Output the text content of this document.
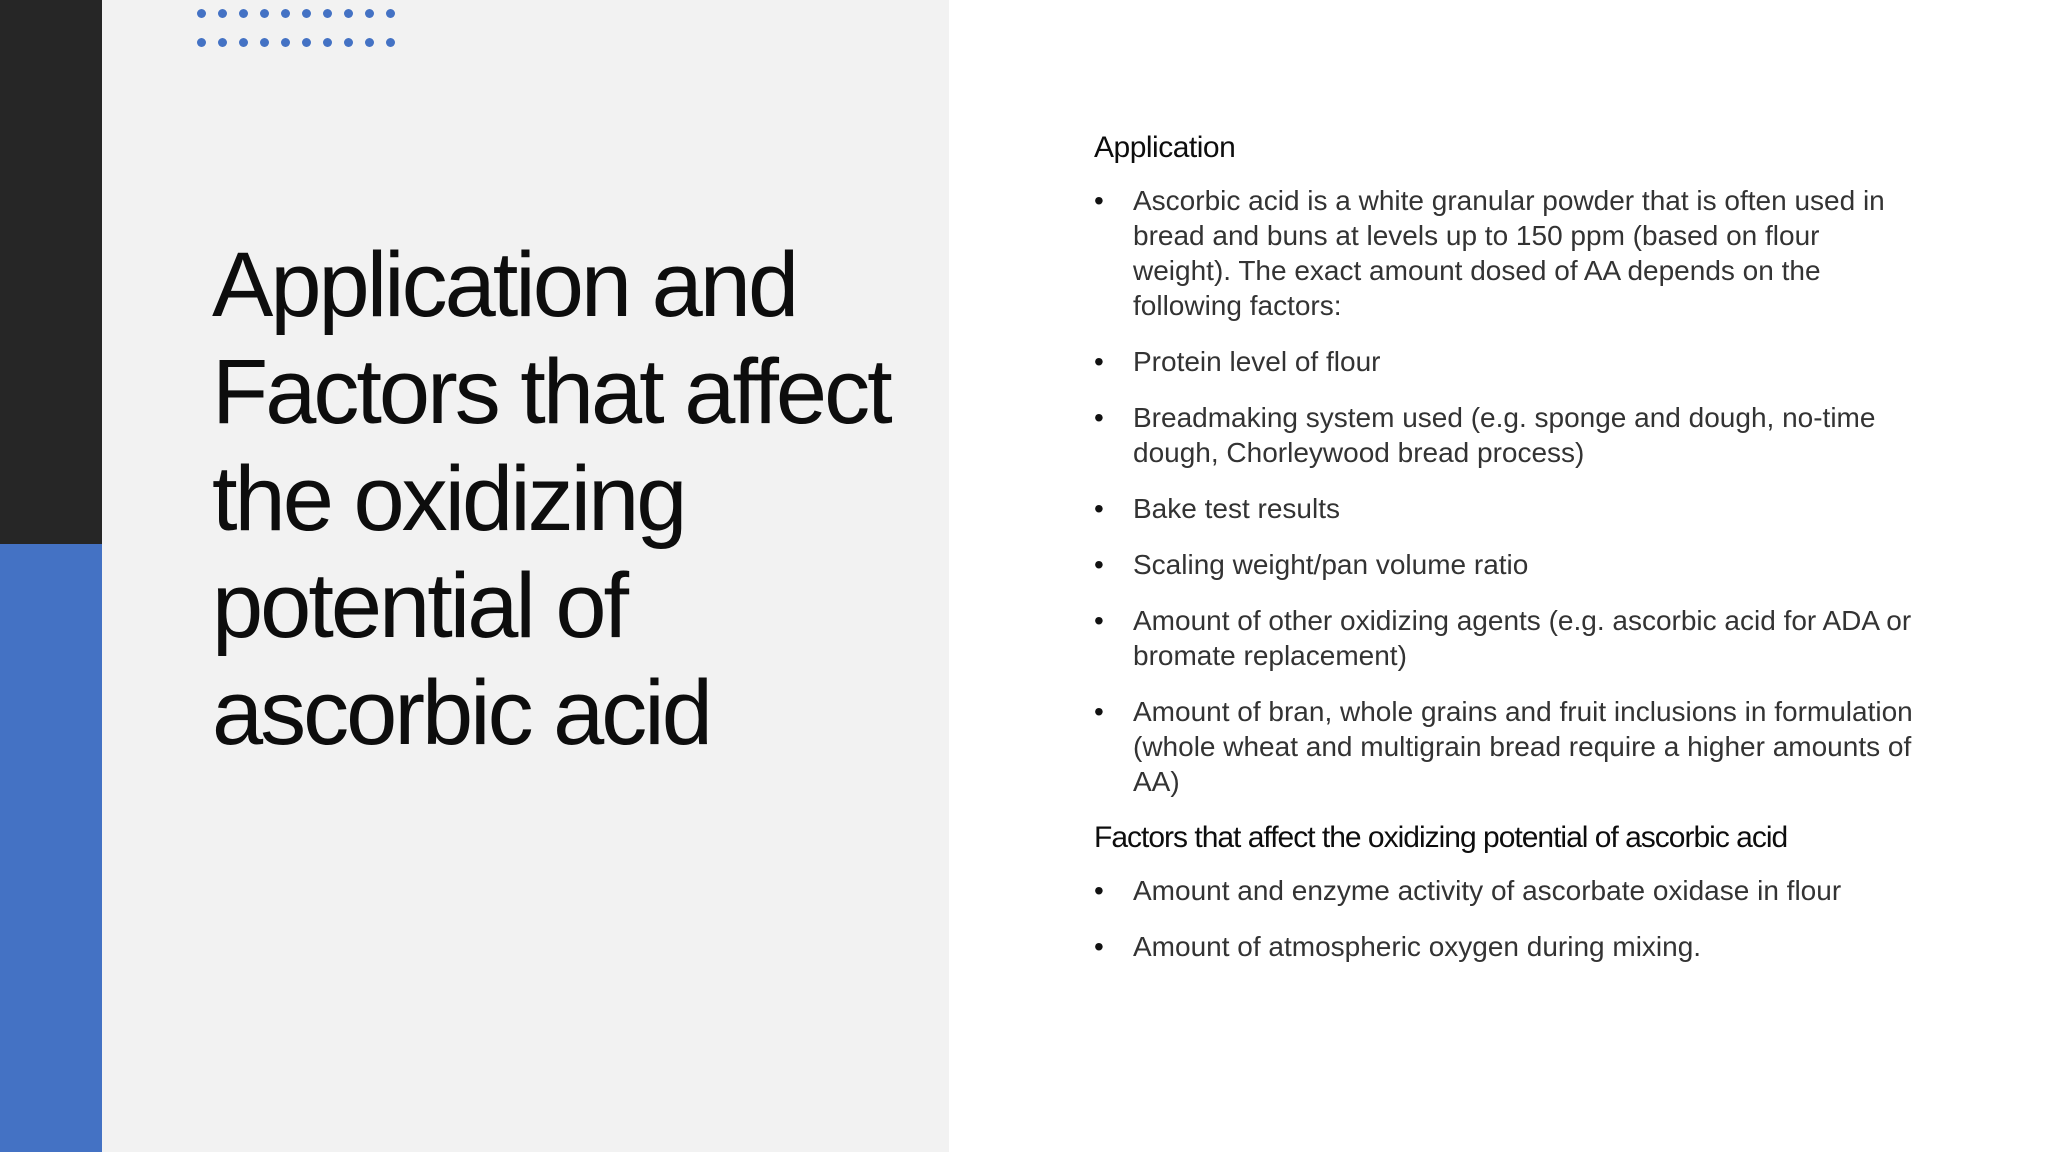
Application and Factors that affect the oxidizing potential of ascorbic acid

Application

• Ascorbic acid is a white granular powder that is often used in bread and buns at levels up to 150 ppm (based on flour weight). The exact amount dosed of AA depends on the following factors:
• Protein level of flour
• Breadmaking system used (e.g. sponge and dough, no-time dough, Chorleywood bread process)
• Bake test results
• Scaling weight/pan volume ratio
• Amount of other oxidizing agents (e.g. ascorbic acid for ADA or bromate replacement)
• Amount of bran, whole grains and fruit inclusions in formulation (whole wheat and multigrain bread require a higher amounts of AA)

Factors that affect the oxidizing potential of ascorbic acid

• Amount and enzyme activity of ascorbate oxidase in flour
• Amount of atmospheric oxygen during mixing.
